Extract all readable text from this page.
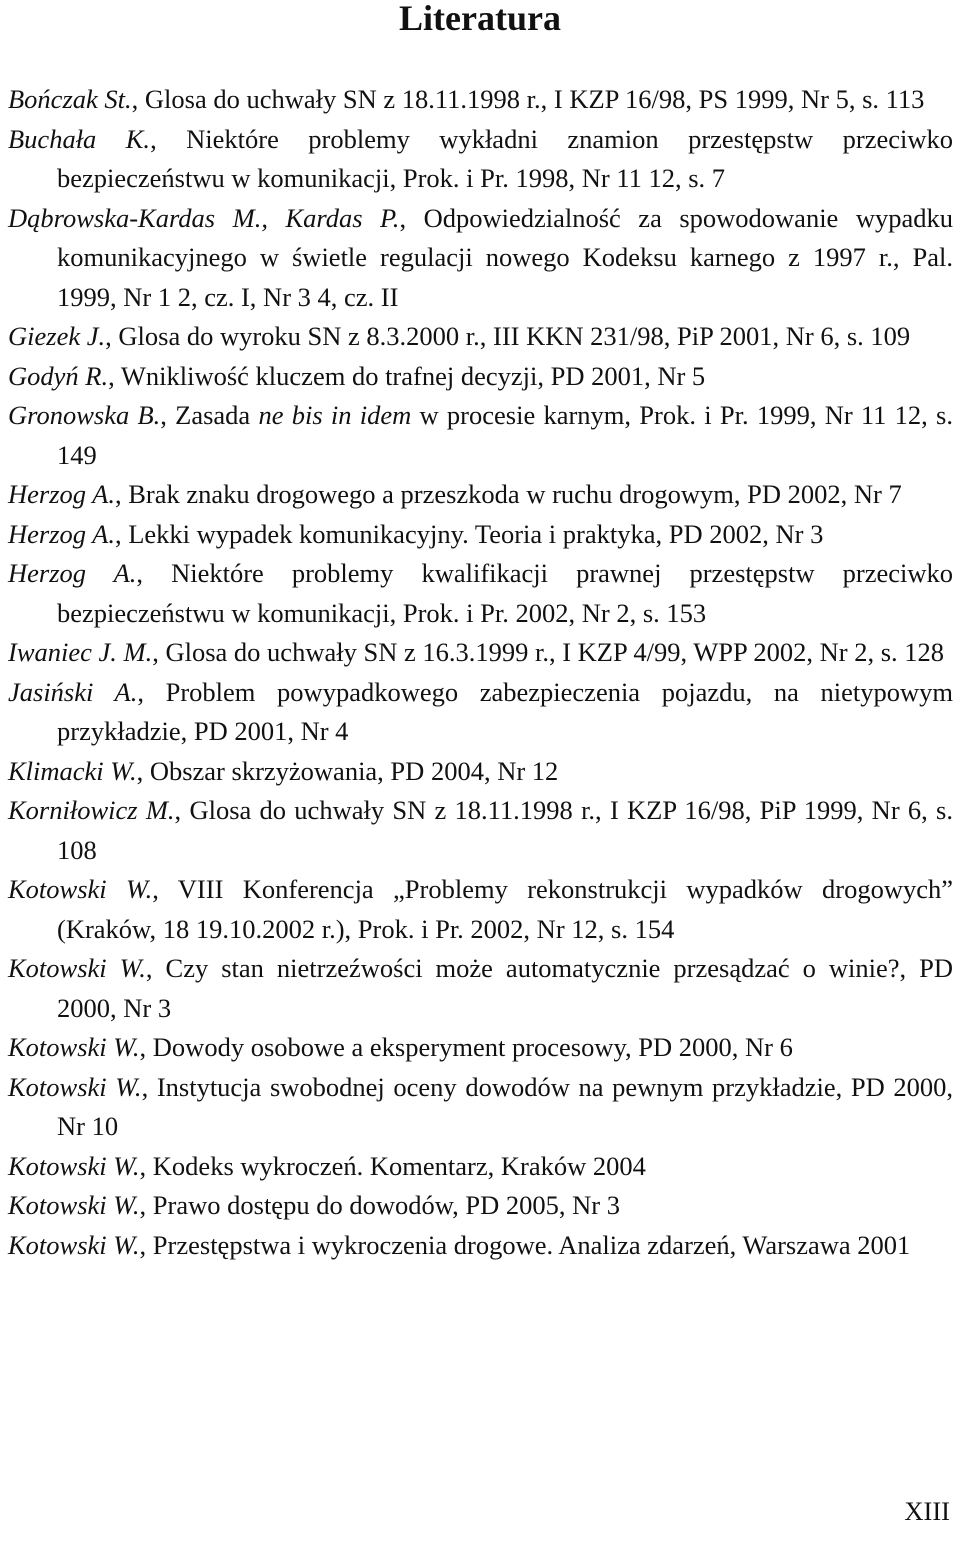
Literatura

Bończak St., Glosa do uchwały SN z 18.11.1998 r., I KZP 16/98, PS 1999, Nr 5, s. 113

Buchała K., Niektóre problemy wykładni znamion przestępstw przeciwko bezpieczeństwu w komunikacji, Prok. i Pr. 1998, Nr 11 12, s. 7

Dąbrowska-Kardas M., Kardas P., Odpowiedzialność za spowodowanie wypadku komunikacyjnego w świetle regulacji nowego Kodeksu karnego z 1997 r., Pal. 1999, Nr 1 2, cz. I, Nr 3 4, cz. II

Giezek J., Glosa do wyroku SN z 8.3.2000 r., III KKN 231/98, PiP 2001, Nr 6, s. 109

Godyń R., Wnikliwość kluczem do trafnej decyzji, PD 2001, Nr 5

Gronowska B., Zasada ne bis in idem w procesie karnym, Prok. i Pr. 1999, Nr 11 12, s. 149

Herzog A., Brak znaku drogowego a przeszkoda w ruchu drogowym, PD 2002, Nr 7

Herzog A., Lekki wypadek komunikacyjny. Teoria i praktyka, PD 2002, Nr 3

Herzog A., Niektóre problemy kwalifikacji prawnej przestępstw przeciwko bezpieczeństwu w komunikacji, Prok. i Pr. 2002, Nr 2, s. 153

Iwaniec J. M., Glosa do uchwały SN z 16.3.1999 r., I KZP 4/99, WPP 2002, Nr 2, s. 128

Jasiński A., Problem powypadkowego zabezpieczenia pojazdu, na nietypowym przykładzie, PD 2001, Nr 4

Klimacki W., Obszar skrzyżowania, PD 2004, Nr 12

Korniłowicz M., Glosa do uchwały SN z 18.11.1998 r., I KZP 16/98, PiP 1999, Nr 6, s. 108

Kotowski W., VIII Konferencja „Problemy rekonstrukcji wypadków drogowych” (Kraków, 18 19.10.2002 r.), Prok. i Pr. 2002, Nr 12, s. 154

Kotowski W., Czy stan nietrzeźwości może automatycznie przesądzać o winie?, PD 2000, Nr 3

Kotowski W., Dowody osobowe a eksperyment procesowy, PD 2000, Nr 6

Kotowski W., Instytucja swobodnej oceny dowodów na pewnym przykładzie, PD 2000, Nr 10

Kotowski W., Kodeks wykroczeń. Komentarz, Kraków 2004

Kotowski W., Prawo dostępu do dowodów, PD 2005, Nr 3

Kotowski W., Przestępstwa i wykroczenia drogowe. Analiza zdarzeń, Warszawa 2001

XIII
